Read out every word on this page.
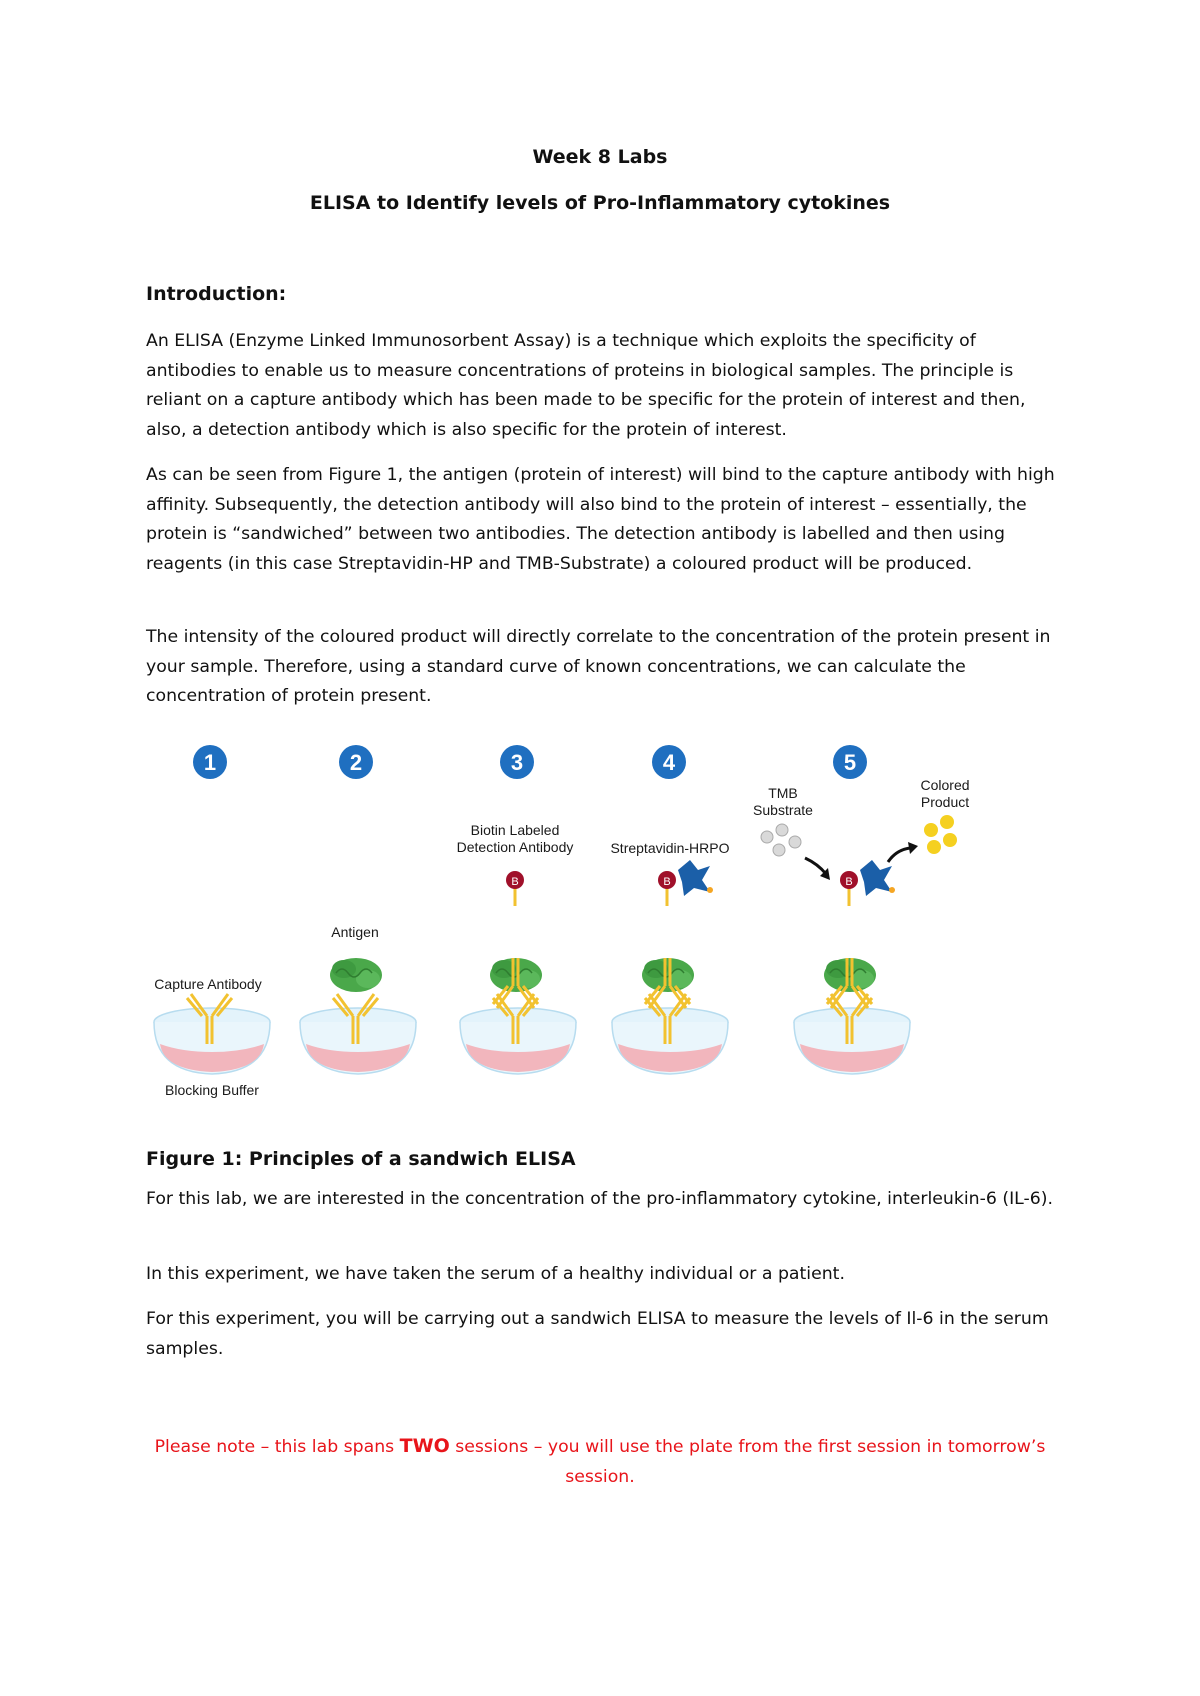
Week 8 Labs
ELISA to Identify levels of Pro-Inflammatory cytokines
Introduction:

An ELISA (Enzyme Linked Immunosorbent Assay) is a technique which exploits the specificity of antibodies to enable us to measure concentrations of proteins in biological samples. The principle is reliant on a capture antibody which has been made to be specific for the protein of interest and then, also, a detection antibody which is also specific for the protein of interest.

As can be seen from Figure 1, the antigen (protein of interest) will bind to the capture antibody with high affinity. Subsequently, the detection antibody will also bind to the protein of interest – essentially, the protein is “sandwiched” between two antibodies. The detection antibody is labelled and then using reagents (in this case Streptavidin-HP and TMB-Substrate) a coloured product will be produced.

The intensity of the coloured product will directly correlate to the concentration of the protein present in your sample. Therefore, using a standard curve of known concentrations, we can calculate the concentration of protein present.

1	2	3	4	5
Capture Antibody
Blocking Buffer
Antigen
B
Biotin Labeled
Detection Antibody
B
Streptavidin-HRPO
B
TMB
Substrate
Colored
Product
Figure 1: Principles of a sandwich ELISA

For this lab, we are interested in the concentration of the pro-inflammatory cytokine, interleukin-6 (IL-6).

In this experiment, we have taken the serum of a healthy individual or a patient.

For this experiment, you will be carrying out a sandwich ELISA to measure the levels of Il-6 in the serum samples.

Please note – this lab spans TWO sessions – you will use the plate from the first session in tomorrow’s session.
